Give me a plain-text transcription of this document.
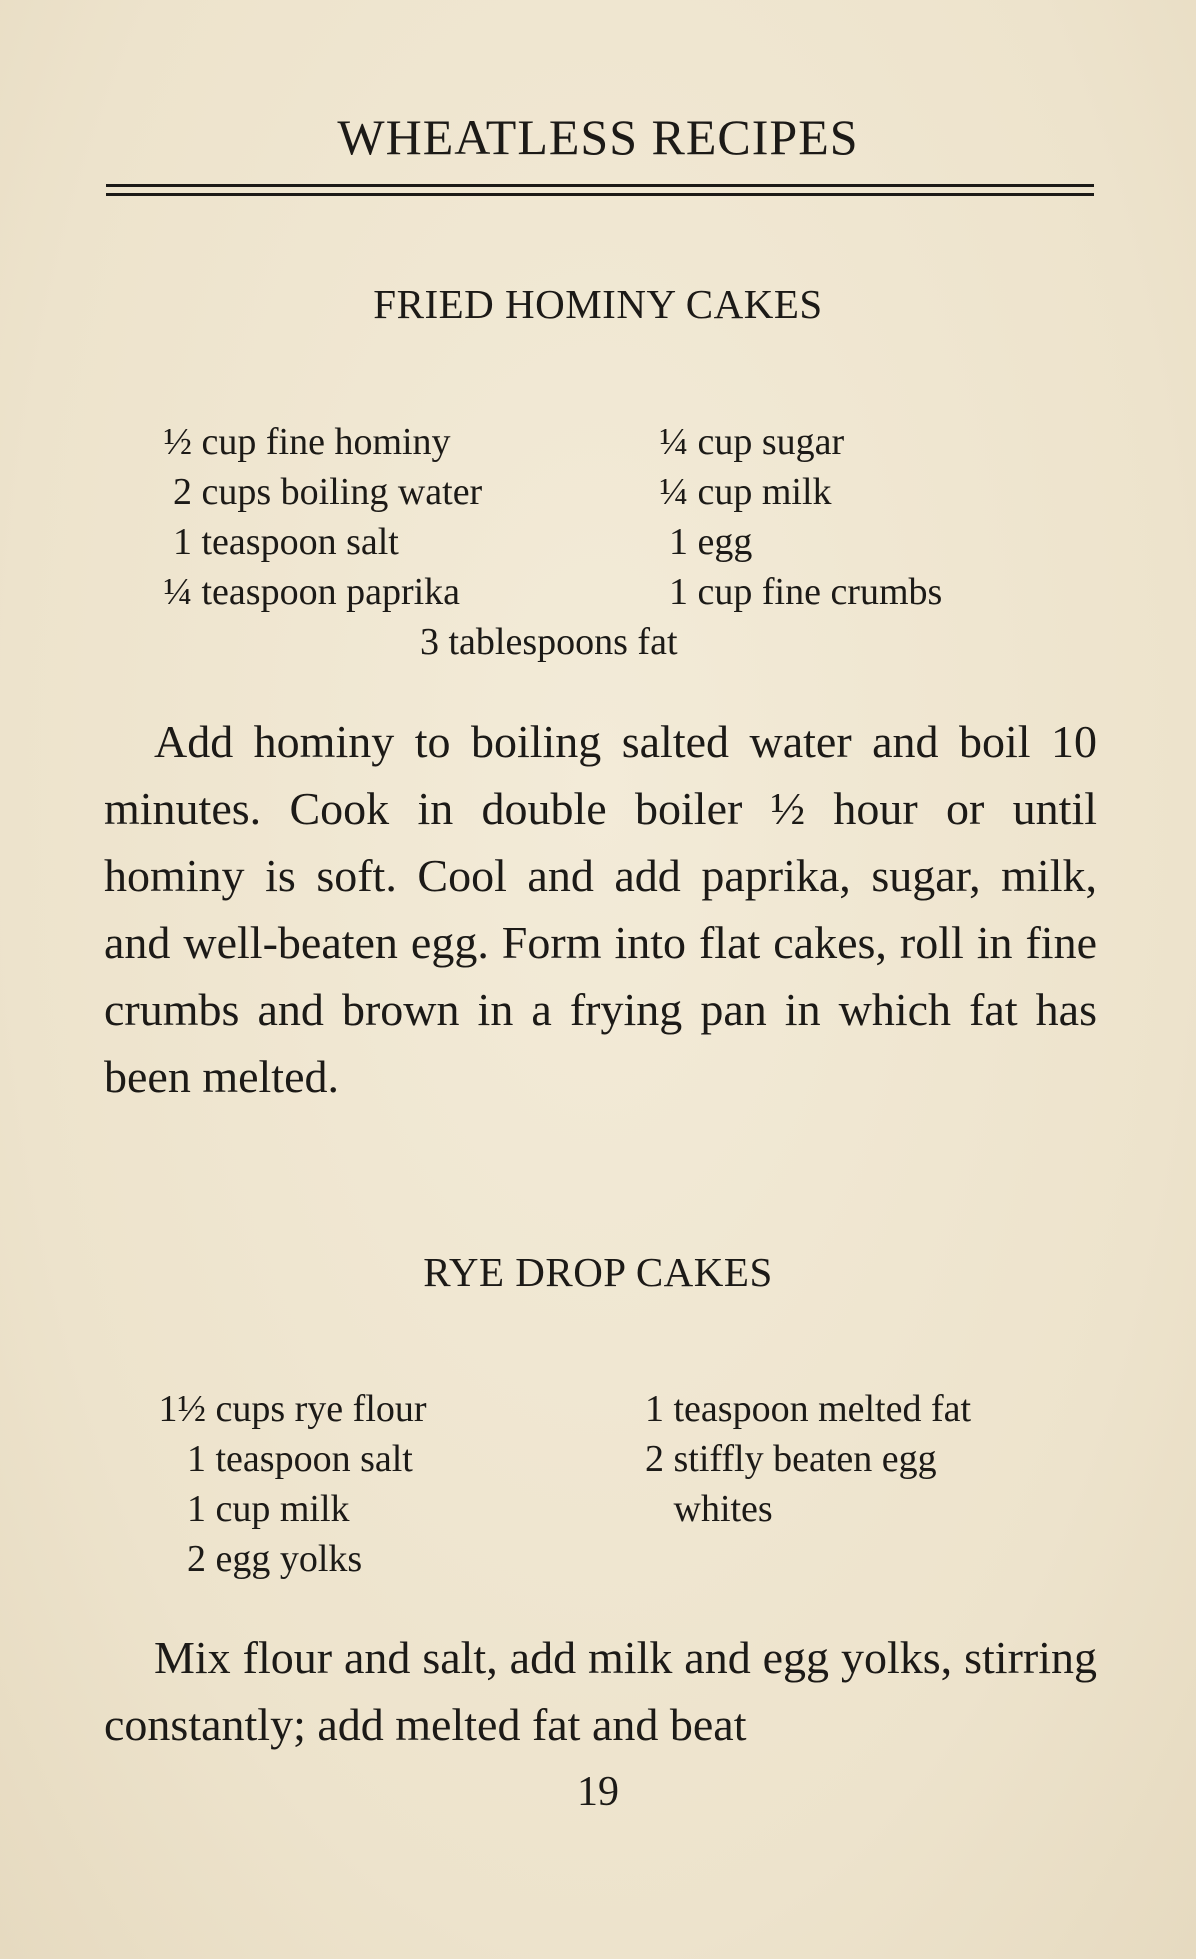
WHEATLESS RECIPES
FRIED HOMINY CAKES
½ cup fine hominy
2 cups boiling water
1 teaspoon salt
¼ teaspoon paprika
¼ cup sugar
¼ cup milk
1 egg
1 cup fine crumbs
3 tablespoons fat
Add hominy to boiling salted water and boil 10 minutes. Cook in double boiler ½ hour or until hominy is soft. Cool and add paprika, sugar, milk, and well-beaten egg. Form into flat cakes, roll in fine crumbs and brown in a frying pan in which fat has been melted.
RYE DROP CAKES
1½ cups rye flour
1 teaspoon salt
1 cup milk
2 egg yolks
1 teaspoon melted fat
2 stiffly beaten egg
whites
Mix flour and salt, add milk and egg yolks, stirring constantly; add melted fat and beat
19
